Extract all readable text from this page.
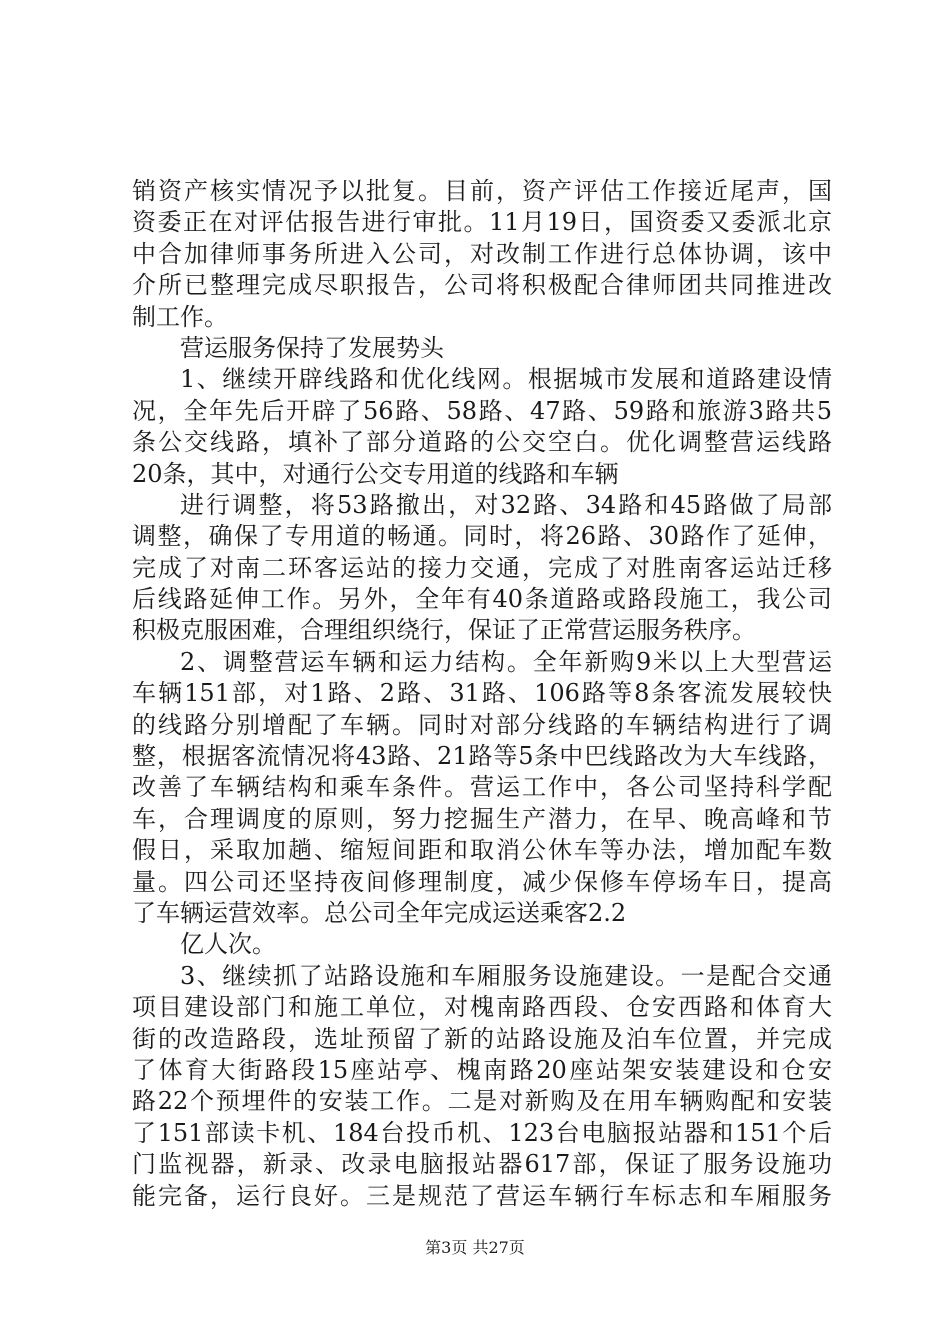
销资产核实情况予以批复。目前，资产评估工作接近尾声，国
资委正在对评估报告进行审批。11月19日，国资委又委派北京
中合加律师事务所进入公司，对改制工作进行总体协调，该中
介所已整理完成尽职报告，公司将积极配合律师团共同推进改
制工作。
营运服务保持了发展势头
1、继续开辟线路和优化线网。根据城市发展和道路建设情
况，全年先后开辟了56路、58路、47路、59路和旅游3路共5
条公交线路，填补了部分道路的公交空白。优化调整营运线路
20条，其中，对通行公交专用道的线路和车辆
进行调整，将53路撤出，对32路、34路和45路做了局部
调整，确保了专用道的畅通。同时，将26路、30路作了延伸，
完成了对南二环客运站的接力交通，完成了对胜南客运站迁移
后线路延伸工作。另外，全年有40条道路或路段施工，我公司
积极克服困难，合理组织绕行，保证了正常营运服务秩序。
2、调整营运车辆和运力结构。全年新购9米以上大型营运
车辆151部，对1路、2路、31路、106路等8条客流发展较快
的线路分别增配了车辆。同时对部分线路的车辆结构进行了调
整，根据客流情况将43路、21路等5条中巴线路改为大车线路，
改善了车辆结构和乘车条件。营运工作中，各公司坚持科学配
车，合理调度的原则，努力挖掘生产潜力，在早、晚高峰和节
假日，采取加趟、缩短间距和取消公休车等办法，增加配车数
量。四公司还坚持夜间修理制度，减少保修车停场车日，提高
了车辆运营效率。总公司全年完成运送乘客2.2
亿人次。
3、继续抓了站路设施和车厢服务设施建设。一是配合交通
项目建设部门和施工单位，对槐南路西段、仓安西路和体育大
街的改造路段，选址预留了新的站路设施及泊车位置，并完成
了体育大街路段15座站亭、槐南路20座站架安装建设和仓安
路22个预埋件的安装工作。二是对新购及在用车辆购配和安装
了151部读卡机、184台投币机、123台电脑报站器和151个后
门监视器，新录、改录电脑报站器617部，保证了服务设施功
能完备，运行良好。三是规范了营运车辆行车标志和车厢服务
第3页 共27页
